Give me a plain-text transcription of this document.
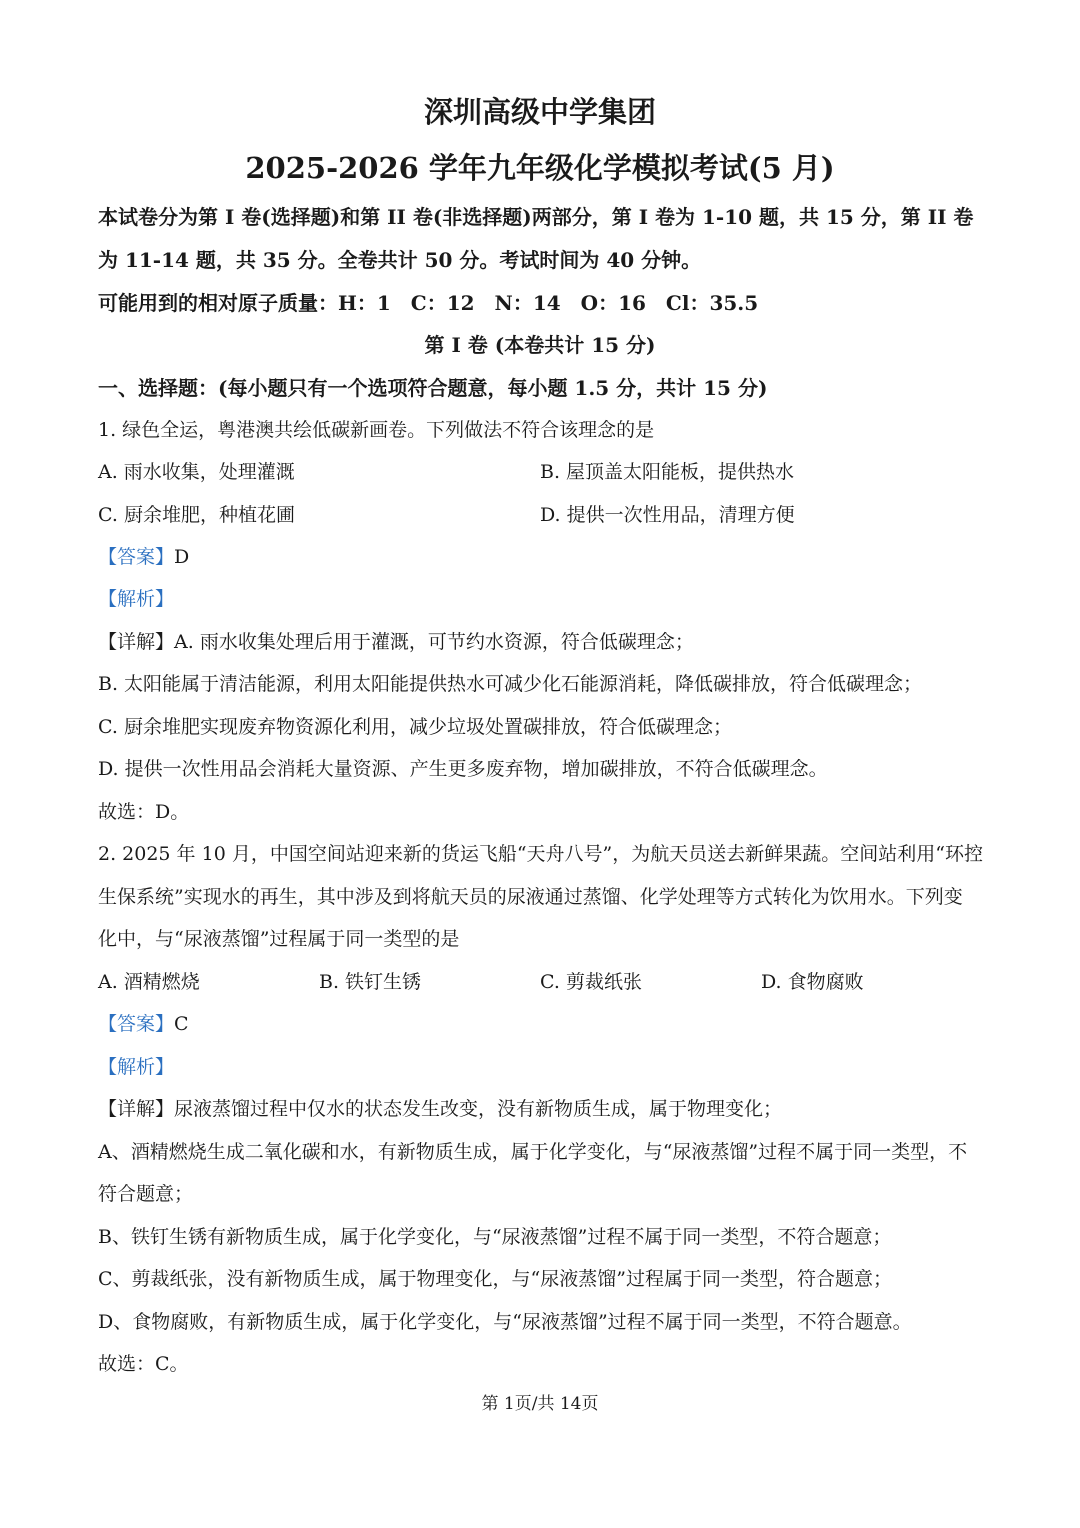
深圳高级中学集团
2025-2026 学年九年级化学模拟考试(5 月)
本试卷分为第 I 卷(选择题)和第 II 卷(非选择题)两部分，第 I 卷为 1-10 题，共 15 分，第 II 卷
为 11-14 题，共 35 分。全卷共计 50 分。考试时间为 40 分钟。
可能用到的相对原子质量：H：1　C：12　N：14　O：16　Cl：35.5
第 I 卷 (本卷共计 15 分)
一、选择题：(每小题只有一个选项符合题意，每小题 1.5 分，共计 15 分)
1. 绿色全运，粤港澳共绘低碳新画卷。下列做法不符合该理念的是
A. 雨水收集，处理灌溉	B. 屋顶盖太阳能板，提供热水
C. 厨余堆肥，种植花圃	D. 提供一次性用品，清理方便
【答案】D
【解析】
【详解】A. 雨水收集处理后用于灌溉，可节约水资源，符合低碳理念；
B. 太阳能属于清洁能源，利用太阳能提供热水可减少化石能源消耗，降低碳排放，符合低碳理念；
C. 厨余堆肥实现废弃物资源化利用，减少垃圾处置碳排放，符合低碳理念；
D. 提供一次性用品会消耗大量资源、产生更多废弃物，增加碳排放，不符合低碳理念。
故选：D。
2. 2025 年 10 月，中国空间站迎来新的货运飞船“天舟八号”，为航天员送去新鲜果蔬。空间站利用“环控
生保系统”实现水的再生，其中涉及到将航天员的尿液通过蒸馏、化学处理等方式转化为饮用水。下列变
化中，与“尿液蒸馏”过程属于同一类型的是
A. 酒精燃烧	B. 铁钉生锈	C. 剪裁纸张	D. 食物腐败
【答案】C
【解析】
【详解】尿液蒸馏过程中仅水的状态发生改变，没有新物质生成，属于物理变化；
A、酒精燃烧生成二氧化碳和水，有新物质生成，属于化学变化，与“尿液蒸馏”过程不属于同一类型，不
符合题意；
B、铁钉生锈有新物质生成，属于化学变化，与“尿液蒸馏”过程不属于同一类型，不符合题意；
C、剪裁纸张，没有新物质生成，属于物理变化，与“尿液蒸馏”过程属于同一类型，符合题意；
D、食物腐败，有新物质生成，属于化学变化，与“尿液蒸馏”过程不属于同一类型，不符合题意。
故选：C。
第 1页/共 14页
